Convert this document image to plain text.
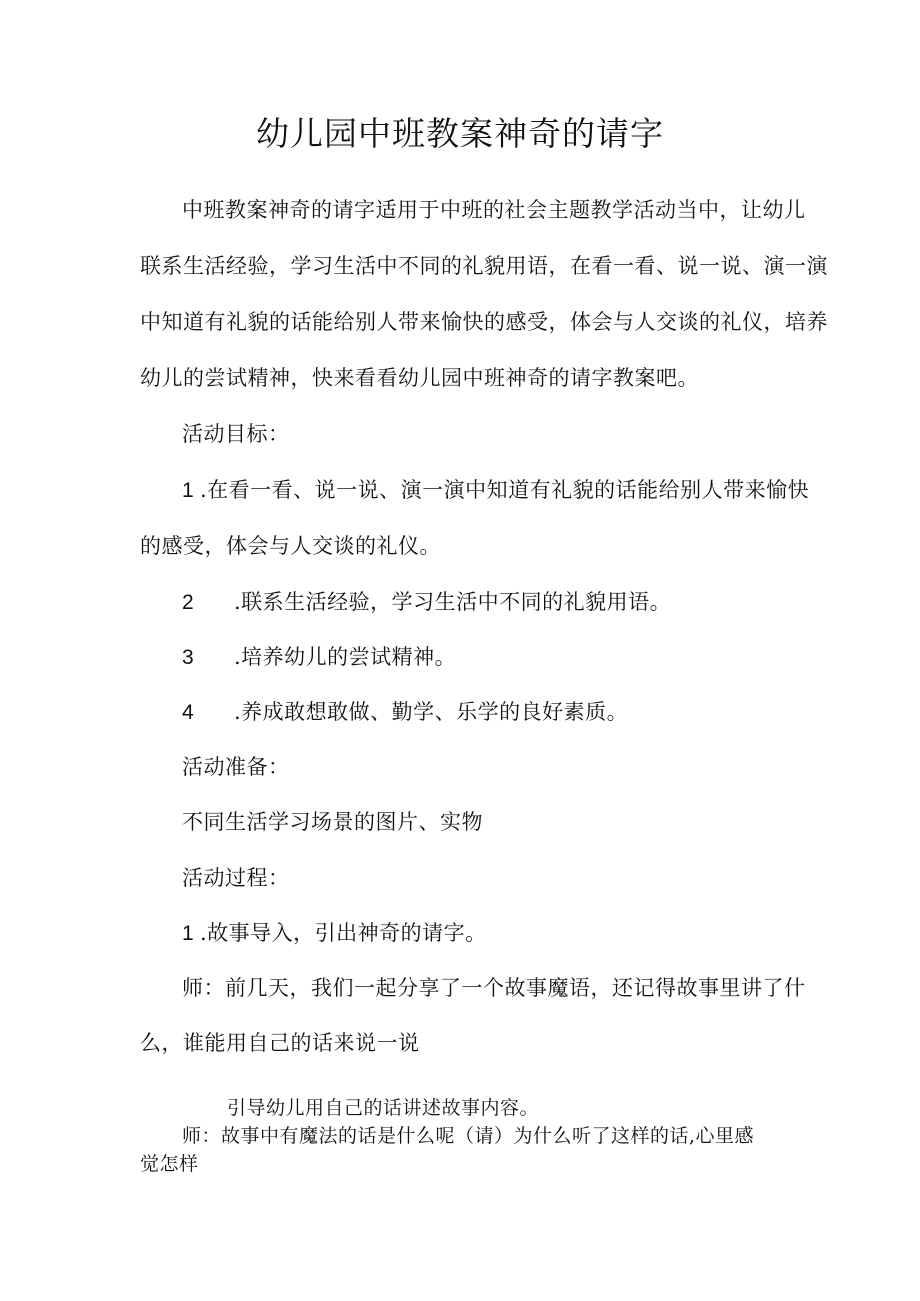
幼儿园中班教案神奇的请字
中班教案神奇的请字适用于中班的社会主题教学活动当中，让幼儿
联系生活经验，学习生活中不同的礼貌用语，在看一看、说一说、演一演
中知道有礼貌的话能给别人带来愉快的感受，体会与人交谈的礼仪，培养
幼儿的尝试精神，快来看看幼儿园中班神奇的请字教案吧。
活动目标：
1 .在看一看、说一说、演一演中知道有礼貌的话能给别人带来愉快
的感受，体会与人交谈的礼仪。
2 .联系生活经验，学习生活中不同的礼貌用语。
3 .培养幼儿的尝试精神。
4 .养成敢想敢做、勤学、乐学的良好素质。
活动准备：
不同生活学习场景的图片、实物
活动过程：
1 .故事导入，引出神奇的请字。
师：前几天，我们一起分享了一个故事魔语，还记得故事里讲了什
么，谁能用自己的话来说一说
引导幼儿用自己的话讲述故事内容。
师：故事中有魔法的话是什么呢（请）为什么听了这样的话,心里感
觉怎样
